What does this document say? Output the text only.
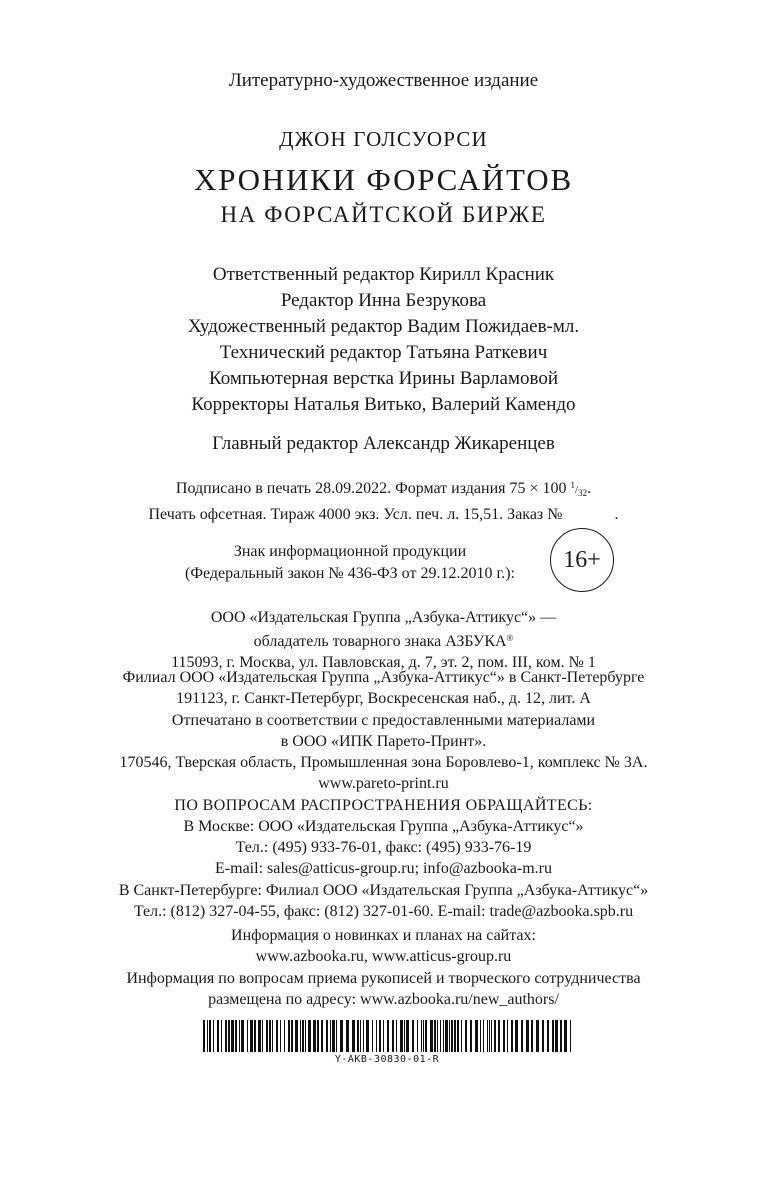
Литературно-художественное издание
ДЖОН ГОЛСУОРСИ
ХРОНИКИ ФОРСАЙТОВ
НА ФОРСАЙТСКОЙ БИРЖЕ
Ответственный редактор Кирилл Красник
Редактор Инна Безрукова
Художественный редактор Вадим Пожидаев-мл.
Технический редактор Татьяна Раткевич
Компьютерная верстка Ирины Варламовой
Корректоры Наталья Витько, Валерий Камендо
Главный редактор Александр Жикаренцев
Подписано в печать 28.09.2022. Формат издания 75 × 100 $^1/_{32}$.
Печать офсетная. Тираж 4000 экз. Усл. печ. л. 15,51. Заказ №	.
Знак информационной продукции
(Федеральный закон № 436-ФЗ от 29.12.2010 г.):
16+
ООО «Издательская Группа „Азбука-Аттикус“» —
обладатель товарного знака АЗБУКА®
115093, г. Москва, ул. Павловская, д. 7, эт. 2, пом. III, ком. № 1
Филиал ООО «Издательская Группа „Азбука-Аттикус“» в Санкт-Петербурге
191123, г. Санкт-Петербург, Воскресенская наб., д. 12, лит. А
Отпечатано в соответствии с предоставленными материалами
в ООО «ИПК Парето-Принт».
170546, Тверская область, Промышленная зона Боровлево-1, комплекс № 3А.
www.pareto-print.ru
ПО ВОПРОСАМ РАСПРОСТРАНЕНИЯ ОБРАЩАЙТЕСЬ:
В Москве: ООО «Издательская Группа „Азбука-Аттикус“»
Тел.: (495) 933-76-01, факс: (495) 933-76-19
E-mail: sales@atticus-group.ru; info@azbooka-m.ru
В Санкт-Петербурге: Филиал ООО «Издательская Группа „Азбука-Аттикус“»
Тел.: (812) 327-04-55, факс: (812) 327-01-60. E-mail: trade@azbooka.spb.ru
Информация о новинках и планах на сайтах:
www.azbooka.ru, www.atticus-group.ru
Информация по вопросам приема рукописей и творческого сотрудничества
размещена по адресу: www.azbooka.ru/new_authors/
Y-AKB-30830-01-R
